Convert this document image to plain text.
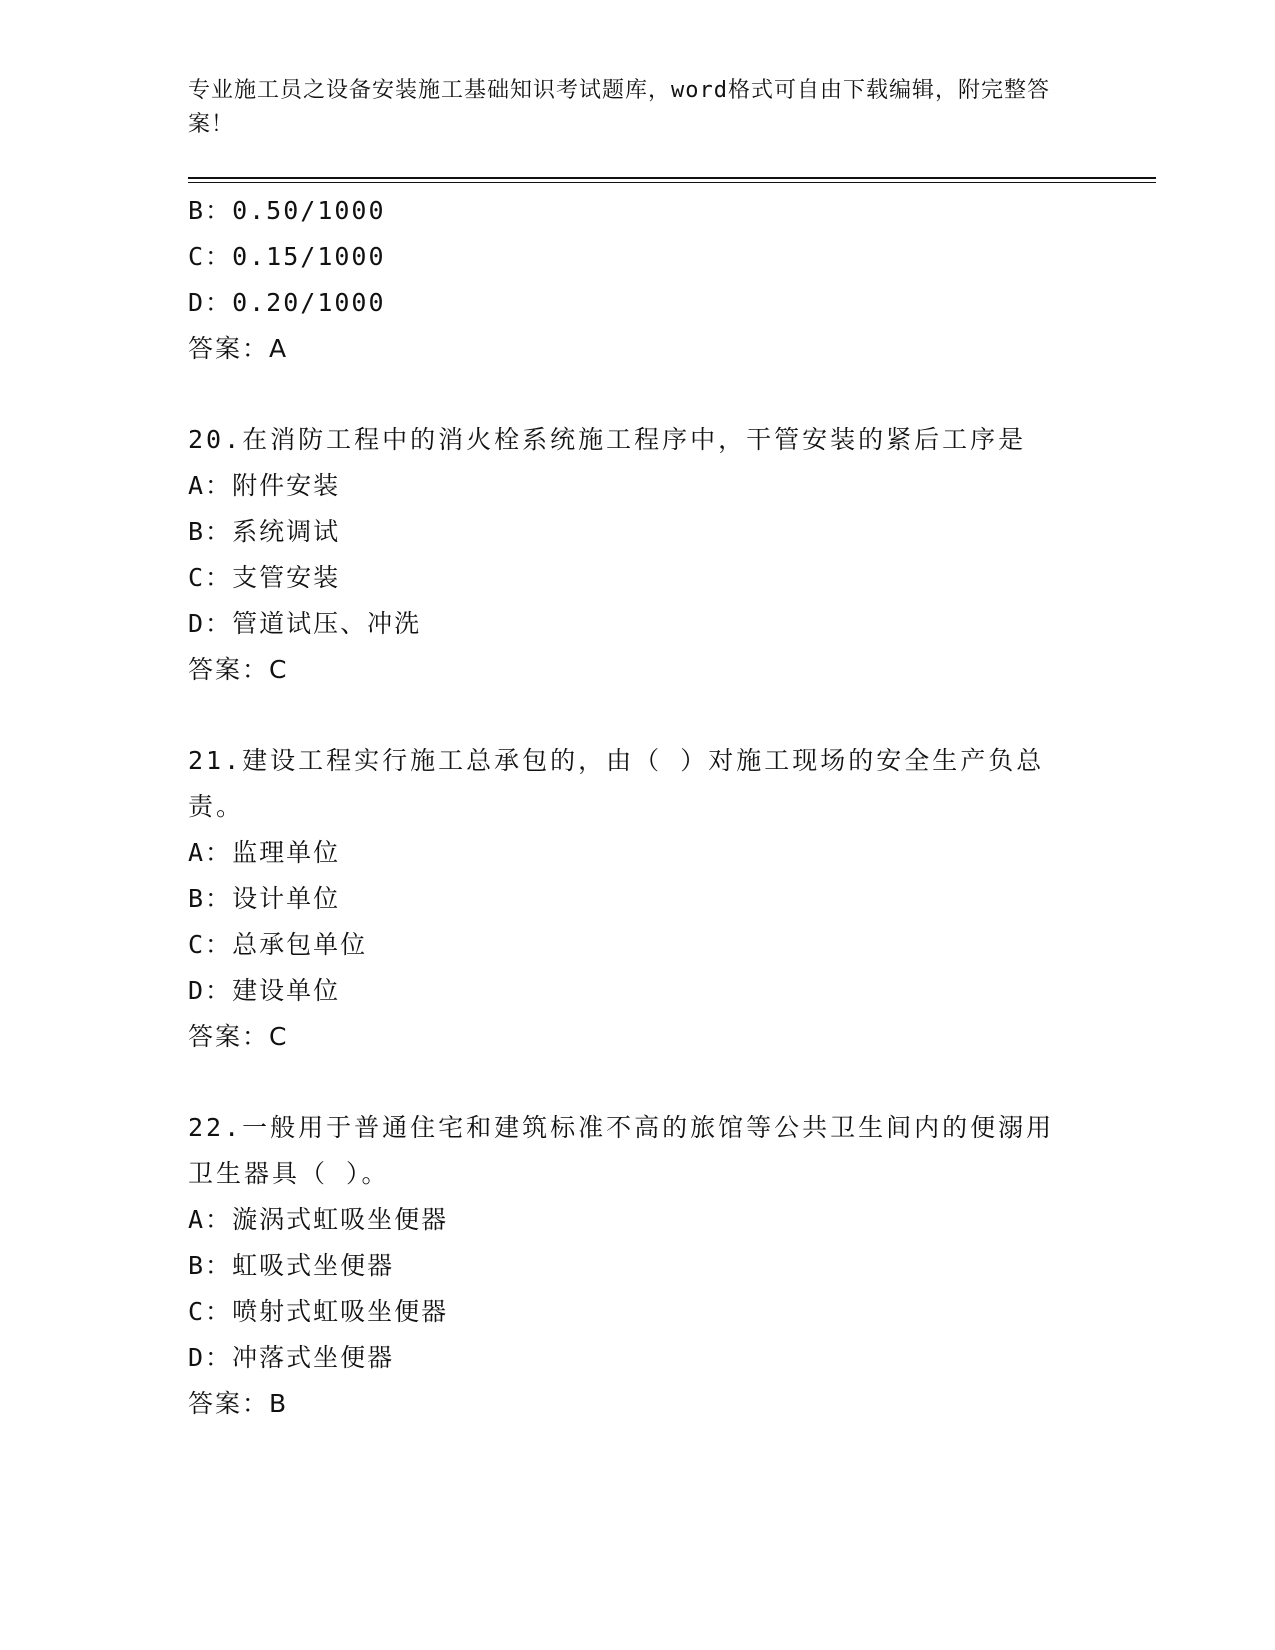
专业施工员之设备安装施工基础知识考试题库，word格式可自由下载编辑，附完整答案！
B：0.50/1000
C：0.15/1000
D：0.20/1000
答案：A
20.在消防工程中的消火栓系统施工程序中，干管安装的紧后工序是
A：附件安装
B：系统调试
C：支管安装
D：管道试压、冲洗
答案：C
21.建设工程实行施工总承包的，由（ ）对施工现场的安全生产负总责。
A：监理单位
B：设计单位
C：总承包单位
D：建设单位
答案：C
22.一般用于普通住宅和建筑标准不高的旅馆等公共卫生间内的便溺用卫生器具（ ）。
A：漩涡式虹吸坐便器
B：虹吸式坐便器
C：喷射式虹吸坐便器
D：冲落式坐便器
答案：B
